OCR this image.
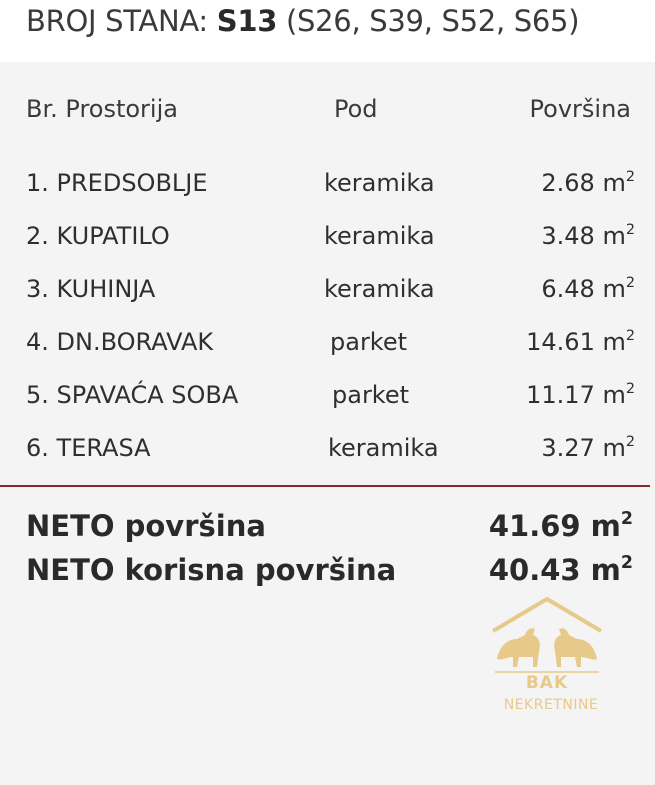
BROJ STANA: S13 (S26, S39, S52, S65)
Br. Prostorija	Pod	Površina
1. PREDSOBLJE	keramika	2.68 $m^2$
2. KUPATILO	keramika	3.48 $m^2$
3. KUHINJA	keramika	6.48 $m^2$
4. DN.BORAVAK	parket	14.61 $m^2$
5. SPAVAĆA SOBA	parket	11.17 $m^2$
6. TERASA	keramika	3.27 $m^2$
NETO površina	41.69 $m^2$
NETO korisna površina	40.43 $m^2$
BAK
NEKRETNINE
